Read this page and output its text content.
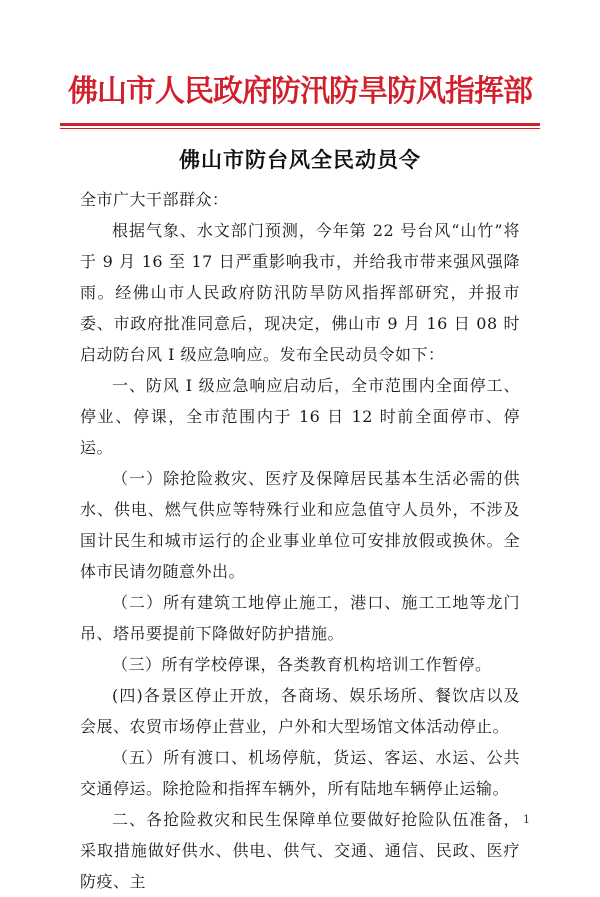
佛山市人民政府防汛防旱防风指挥部
佛山市防台风全民动员令

全市广大干部群众：

根据气象、水文部门预测，今年第 22 号台风“山竹”将于 9 月 16 至 17 日严重影响我市，并给我市带来强风强降雨。经佛山市人民政府防汛防旱防风指挥部研究，并报市委、市政府批准同意后，现决定，佛山市 9 月 16 日 08 时启动防台风 I 级应急响应。发布全民动员令如下：

一、防风 I 级应急响应启动后，全市范围内全面停工、停业、停课，全市范围内于 16 日 12 时前全面停市、停运。

（一）除抢险救灾、医疗及保障居民基本生活必需的供水、供电、燃气供应等特殊行业和应急值守人员外，不涉及国计民生和城市运行的企业事业单位可安排放假或换休。全体市民请勿随意外出。

（二）所有建筑工地停止施工，港口、施工工地等龙门吊、塔吊要提前下降做好防护措施。

（三）所有学校停课，各类教育机构培训工作暂停。

(四)各景区停止开放，各商场、娱乐场所、餐饮店以及会展、农贸市场停止营业，户外和大型场馆文体活动停止。

（五）所有渡口、机场停航，货运、客运、水运、公共交通停运。除抢险和指挥车辆外，所有陆地车辆停止运输。

二、各抢险救灾和民生保障单位要做好抢险队伍准备，采取措施做好供水、供电、供气、交通、通信、民政、医疗防疫、主

1
